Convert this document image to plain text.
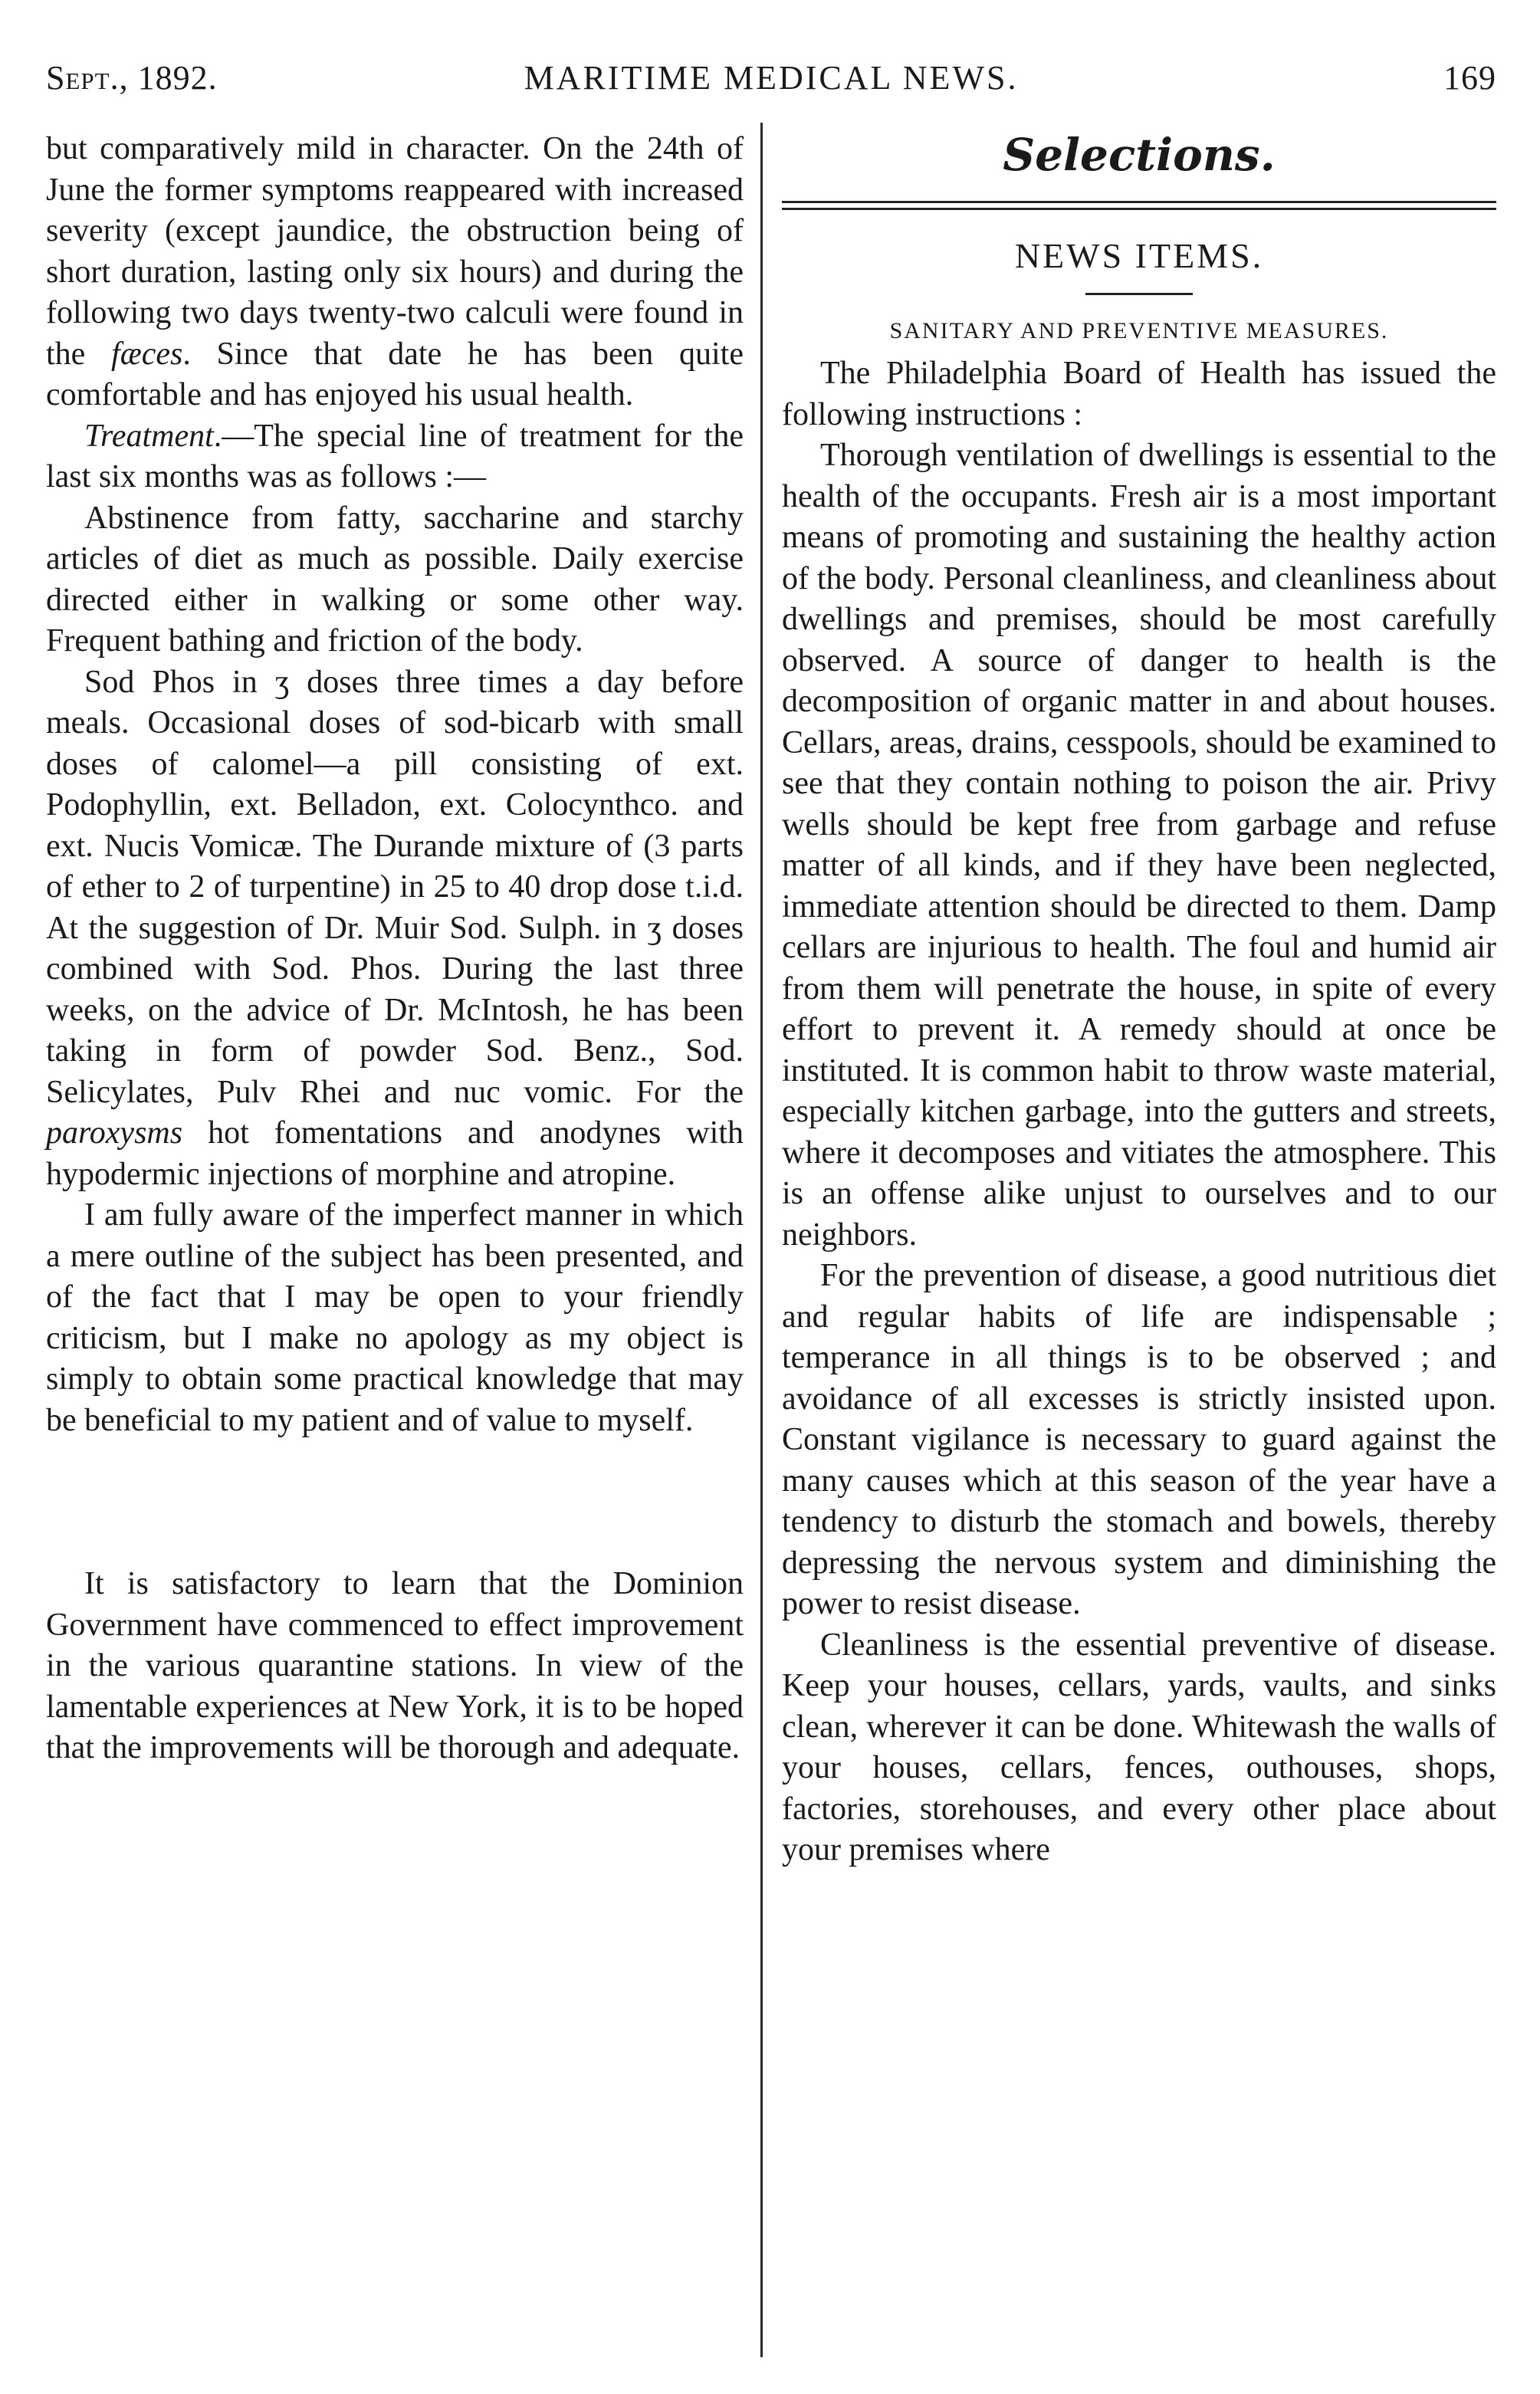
Sept., 1892.	MARITIME MEDICAL NEWS.	169

but comparatively mild in character. On the 24th of June the former symptoms reappeared with increased severity (except jaundice, the obstruction being of short duration, lasting only six hours) and during the following two days twenty-two calculi were found in the fæces. Since that date he has been quite comfortable and has enjoyed his usual health.

Treatment.—The special line of treatment for the last six months was as follows :—

Abstinence from fatty, saccharine and starchy articles of diet as much as possible. Daily exercise directed either in walking or some other way. Frequent bathing and friction of the body.

Sod Phos in ʒ doses three times a day before meals. Occasional doses of sod-bicarb with small doses of calomel—a pill consisting of ext. Podophyllin, ext. Belladon, ext. Colocynthco. and ext. Nucis Vomicæ. The Durande mixture of (3 parts of ether to 2 of turpentine) in 25 to 40 drop dose t.i.d. At the suggestion of Dr. Muir Sod. Sulph. in ʒ doses combined with Sod. Phos. During the last three weeks, on the advice of Dr. McIntosh, he has been taking in form of powder Sod. Benz., Sod. Selicylates, Pulv Rhei and nuc vomic. For the paroxysms hot fomentations and anodynes with hypodermic injections of morphine and atropine.

I am fully aware of the imperfect manner in which a mere outline of the subject has been presented, and of the fact that I may be open to your friendly criticism, but I make no apology as my object is simply to obtain some practical knowledge that may be beneficial to my patient and of value to myself.

It is satisfactory to learn that the Dominion Government have commenced to effect improvement in the various quarantine stations. In view of the lamentable experiences at New York, it is to be hoped that the improvements will be thorough and adequate.

Selections.
NEWS ITEMS.
SANITARY AND PREVENTIVE MEASURES.

The Philadelphia Board of Health has issued the following instructions :

Thorough ventilation of dwellings is essential to the health of the occupants. Fresh air is a most important means of promoting and sustaining the healthy action of the body. Personal cleanliness, and cleanliness about dwellings and premises, should be most carefully observed. A source of danger to health is the decomposition of organic matter in and about houses. Cellars, areas, drains, cesspools, should be examined to see that they contain nothing to poison the air. Privy wells should be kept free from garbage and refuse matter of all kinds, and if they have been neglected, immediate attention should be directed to them. Damp cellars are injurious to health. The foul and humid air from them will penetrate the house, in spite of every effort to prevent it. A remedy should at once be instituted. It is common habit to throw waste material, especially kitchen garbage, into the gutters and streets, where it decomposes and vitiates the atmosphere. This is an offense alike unjust to ourselves and to our neighbors.

For the prevention of disease, a good nutritious diet and regular habits of life are indispensable ; temperance in all things is to be observed ; and avoidance of all excesses is strictly insisted upon. Constant vigilance is necessary to guard against the many causes which at this season of the year have a tendency to disturb the stomach and bowels, thereby depressing the nervous system and diminishing the power to resist disease.

Cleanliness is the essential preventive of disease. Keep your houses, cellars, yards, vaults, and sinks clean, wherever it can be done. Whitewash the walls of your houses, cellars, fences, outhouses, shops, factories, storehouses, and every other place about your premises where
